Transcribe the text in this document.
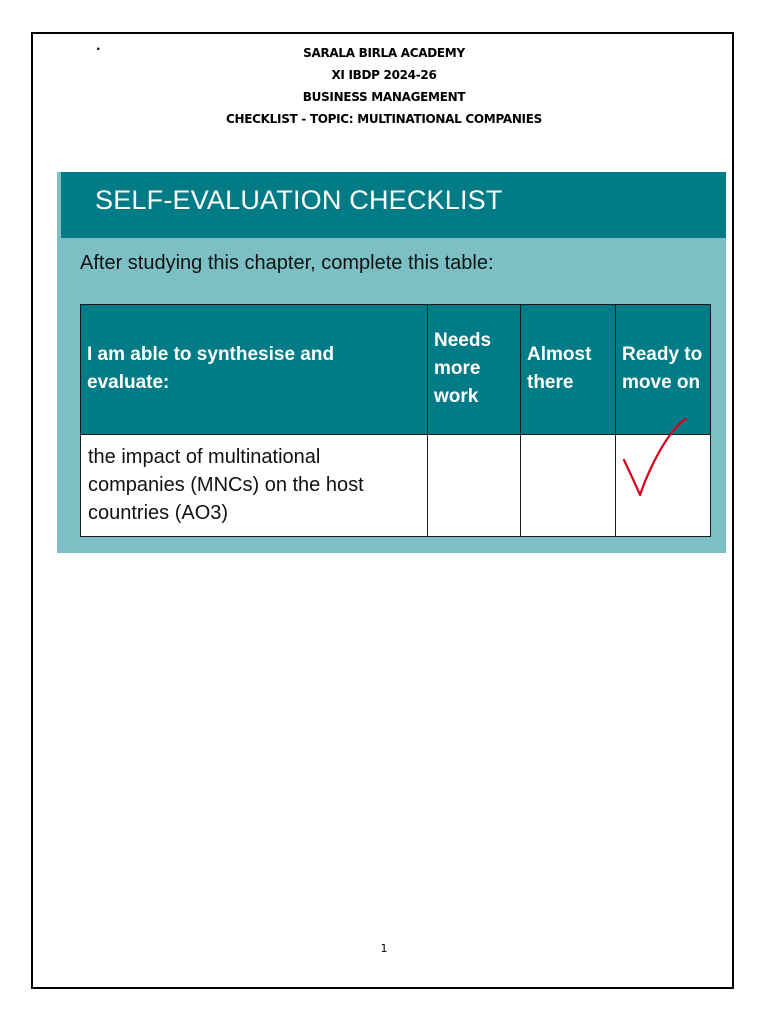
·	SARALA BIRLA ACADEMY
XI IBDP 2024-26
BUSINESS MANAGEMENT
CHECKLIST - TOPIC: MULTINATIONAL COMPANIES
SELF-EVALUATION CHECKLIST
After studying this chapter, complete this table:
I am able to synthesise and evaluate:	Needs more work	Almost there	Ready to move on

the impact of multinational companies (MNCs) on the host countries (AO3)

1
